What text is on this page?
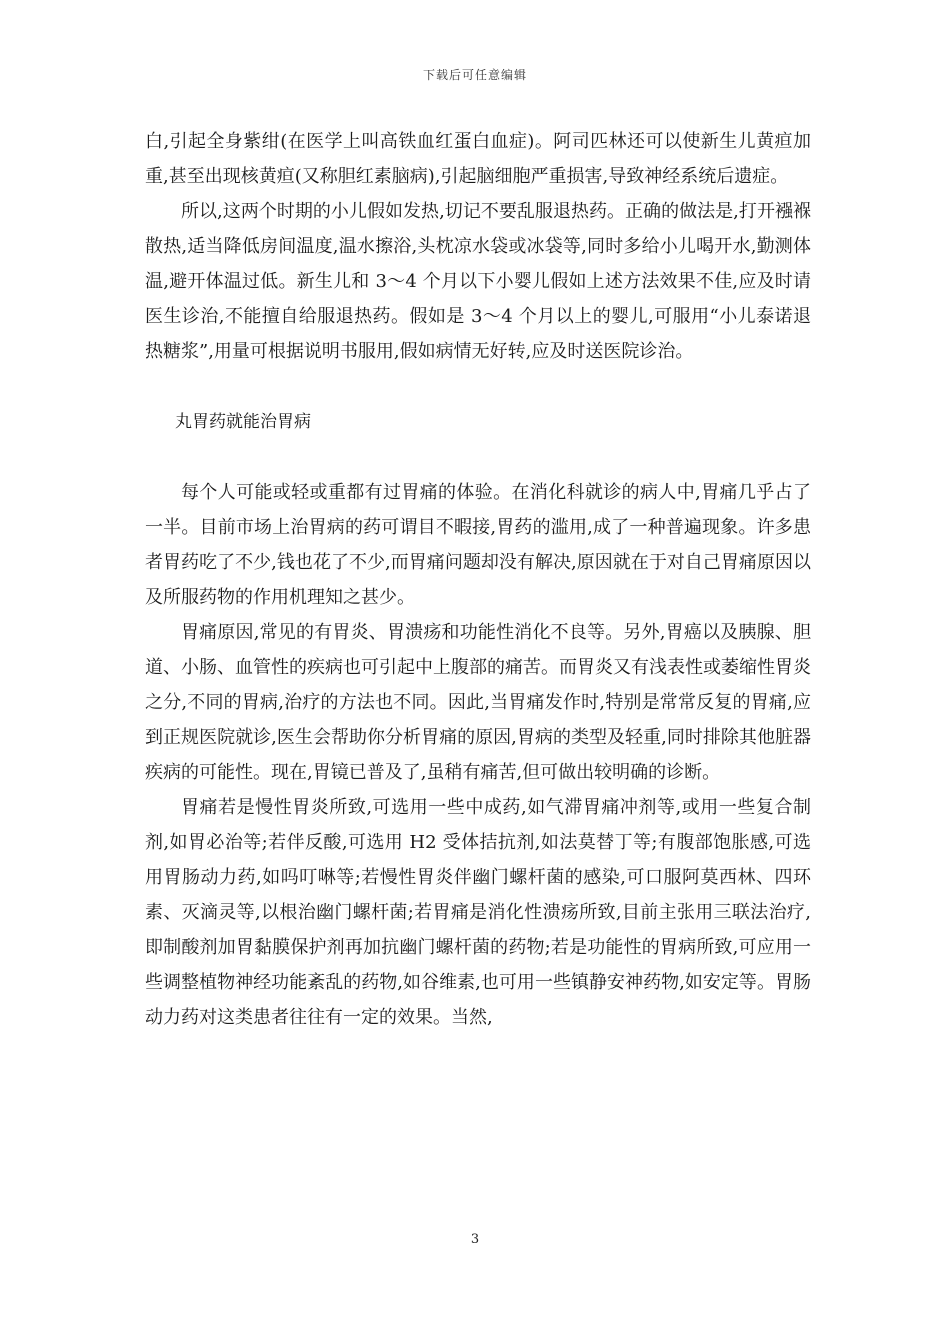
下载后可任意编辑

白,引起全身紫绀(在医学上叫高铁血红蛋白血症)。阿司匹林还可以使新生儿黄疸加重,甚至出现核黄疸(又称胆红素脑病),引起脑细胞严重损害,导致神经系统后遗症。

所以,这两个时期的小儿假如发热,切记不要乱服退热药。正确的做法是,打开襁褓散热,适当降低房间温度,温水擦浴,头枕凉水袋或冰袋等,同时多给小儿喝开水,勤测体温,避开体温过低。新生儿和 3～4 个月以下小婴儿假如上述方法效果不佳,应及时请医生诊治,不能擅自给服退热药。假如是 3～4 个月以上的婴儿,可服用“小儿泰诺退热糖浆”,用量可根据说明书服用,假如病情无好转,应及时送医院诊治。

丸胃药就能治胃病

每个人可能或轻或重都有过胃痛的体验。在消化科就诊的病人中,胃痛几乎占了一半。目前市场上治胃病的药可谓目不暇接,胃药的滥用,成了一种普遍现象。许多患者胃药吃了不少,钱也花了不少,而胃痛问题却没有解决,原因就在于对自己胃痛原因以及所服药物的作用机理知之甚少。

胃痛原因,常见的有胃炎、胃溃疡和功能性消化不良等。另外,胃癌以及胰腺、胆道、小肠、血管性的疾病也可引起中上腹部的痛苦。而胃炎又有浅表性或萎缩性胃炎之分,不同的胃病,治疗的方法也不同。因此,当胃痛发作时,特别是常常反复的胃痛,应到正规医院就诊,医生会帮助你分析胃痛的原因,胃病的类型及轻重,同时排除其他脏器疾病的可能性。现在,胃镜已普及了,虽稍有痛苦,但可做出较明确的诊断。

胃痛若是慢性胃炎所致,可选用一些中成药,如气滞胃痛冲剂等,或用一些复合制剂,如胃必治等;若伴反酸,可选用 H2 受体拮抗剂,如法莫替丁等;有腹部饱胀感,可选用胃肠动力药,如吗叮啉等;若慢性胃炎伴幽门螺杆菌的感染,可口服阿莫西林、四环素、灭滴灵等,以根治幽门螺杆菌;若胃痛是消化性溃疡所致,目前主张用三联法治疗,即制酸剂加胃黏膜保护剂再加抗幽门螺杆菌的药物;若是功能性的胃病所致,可应用一些调整植物神经功能紊乱的药物,如谷维素,也可用一些镇静安神药物,如安定等。胃肠动力药对这类患者往往有一定的效果。当然,

3
